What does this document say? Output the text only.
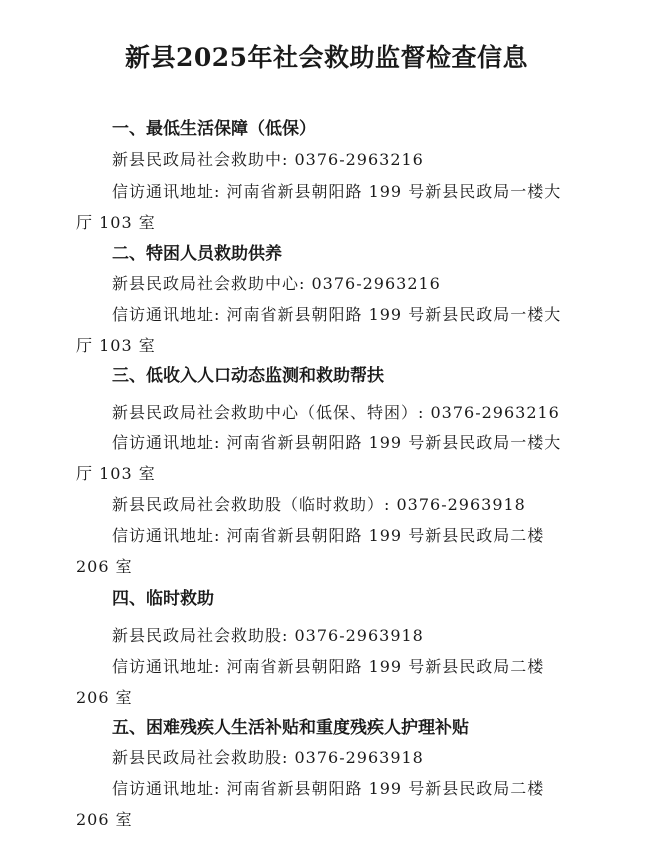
新县2025年社会救助监督检查信息
一、最低生活保障（低保）
新县民政局社会救助中: 0376-2963216
信访通讯地址: 河南省新县朝阳路 199 号新县民政局一楼大
厅 103 室
二、特困人员救助供养
新县民政局社会救助中心: 0376-2963216
信访通讯地址: 河南省新县朝阳路 199 号新县民政局一楼大
厅 103 室
三、低收入人口动态监测和救助帮扶
新县民政局社会救助中心（低保、特困）: 0376-2963216
信访通讯地址: 河南省新县朝阳路 199 号新县民政局一楼大
厅 103 室
新县民政局社会救助股（临时救助）: 0376-2963918
信访通讯地址: 河南省新县朝阳路 199 号新县民政局二楼
206 室
四、临时救助
新县民政局社会救助股: 0376-2963918
信访通讯地址: 河南省新县朝阳路 199 号新县民政局二楼
206 室
五、困难残疾人生活补贴和重度残疾人护理补贴
新县民政局社会救助股: 0376-2963918
信访通讯地址: 河南省新县朝阳路 199 号新县民政局二楼
206 室
